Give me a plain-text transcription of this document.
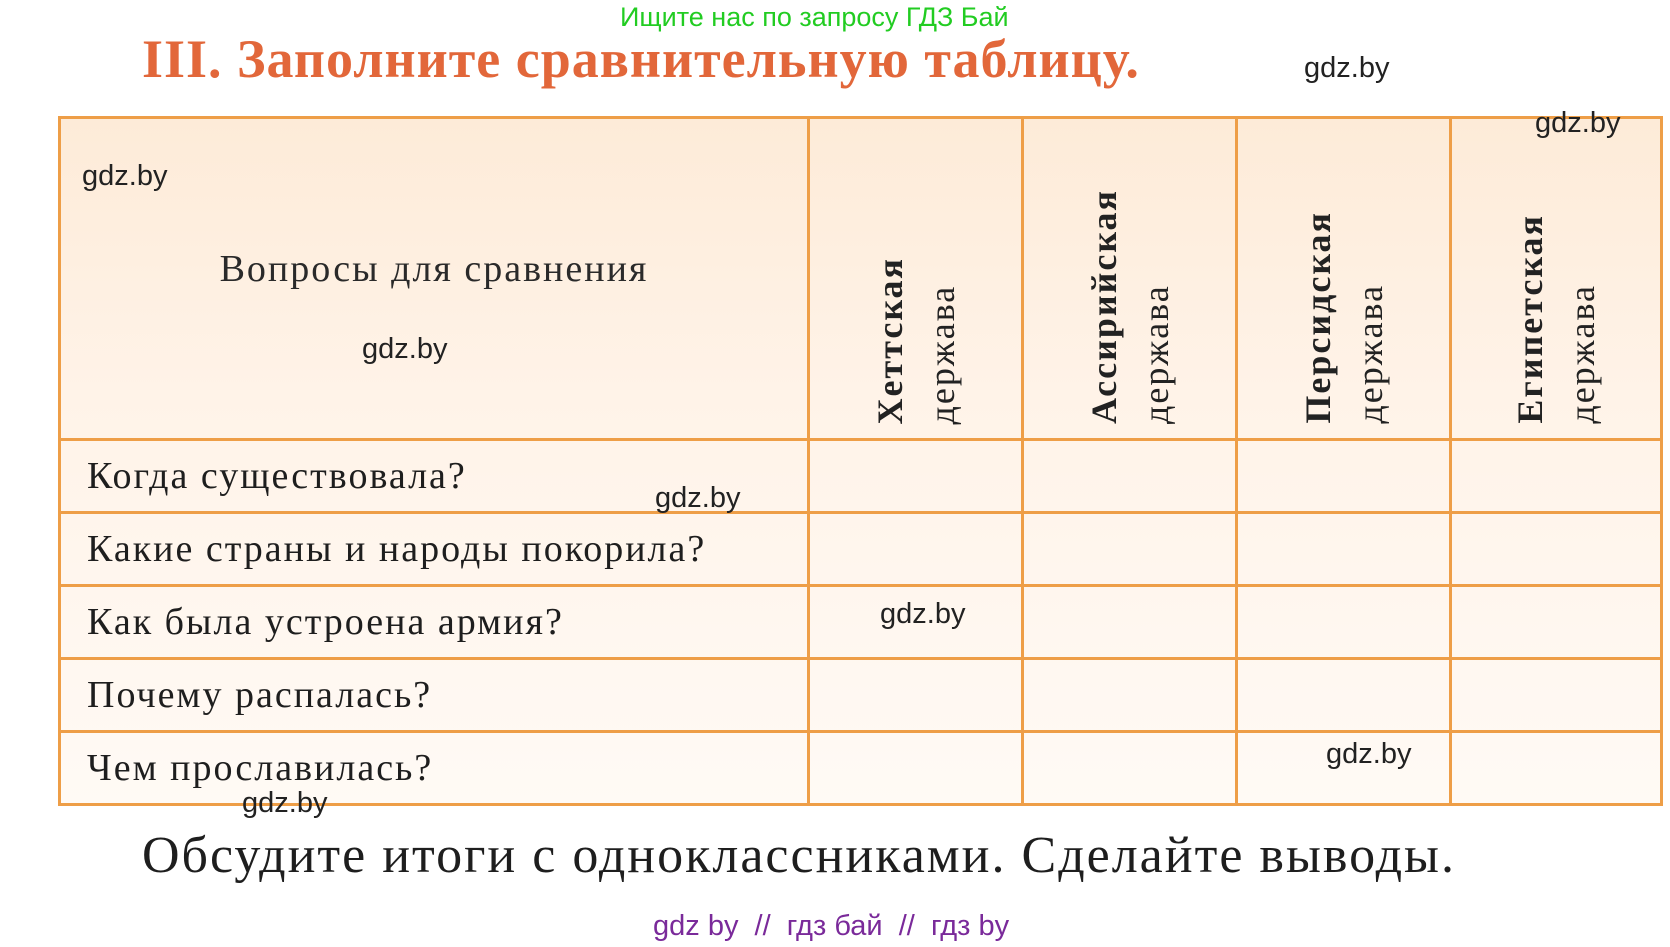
Ищите нас по запросу ГДЗ Бай
III. Заполните сравнительную таблицу.	gdz.by
gdz.by
gdz.by
gdz.by
gdz.by
gdz.by
gdz.by
gdz.by
Вопросы для сравнения	Хеттская держава	Ассирийская держава	Персидская держава	Египетская держава
Когда существовала?
Какие страны и народы покорила?
Как была устроена армия?
Почему распалась?
Чем прославилась?
Обсудите итоги с одноклассниками. Сделайте выводы.
gdz by  //  гдз бай  //  гдз by
